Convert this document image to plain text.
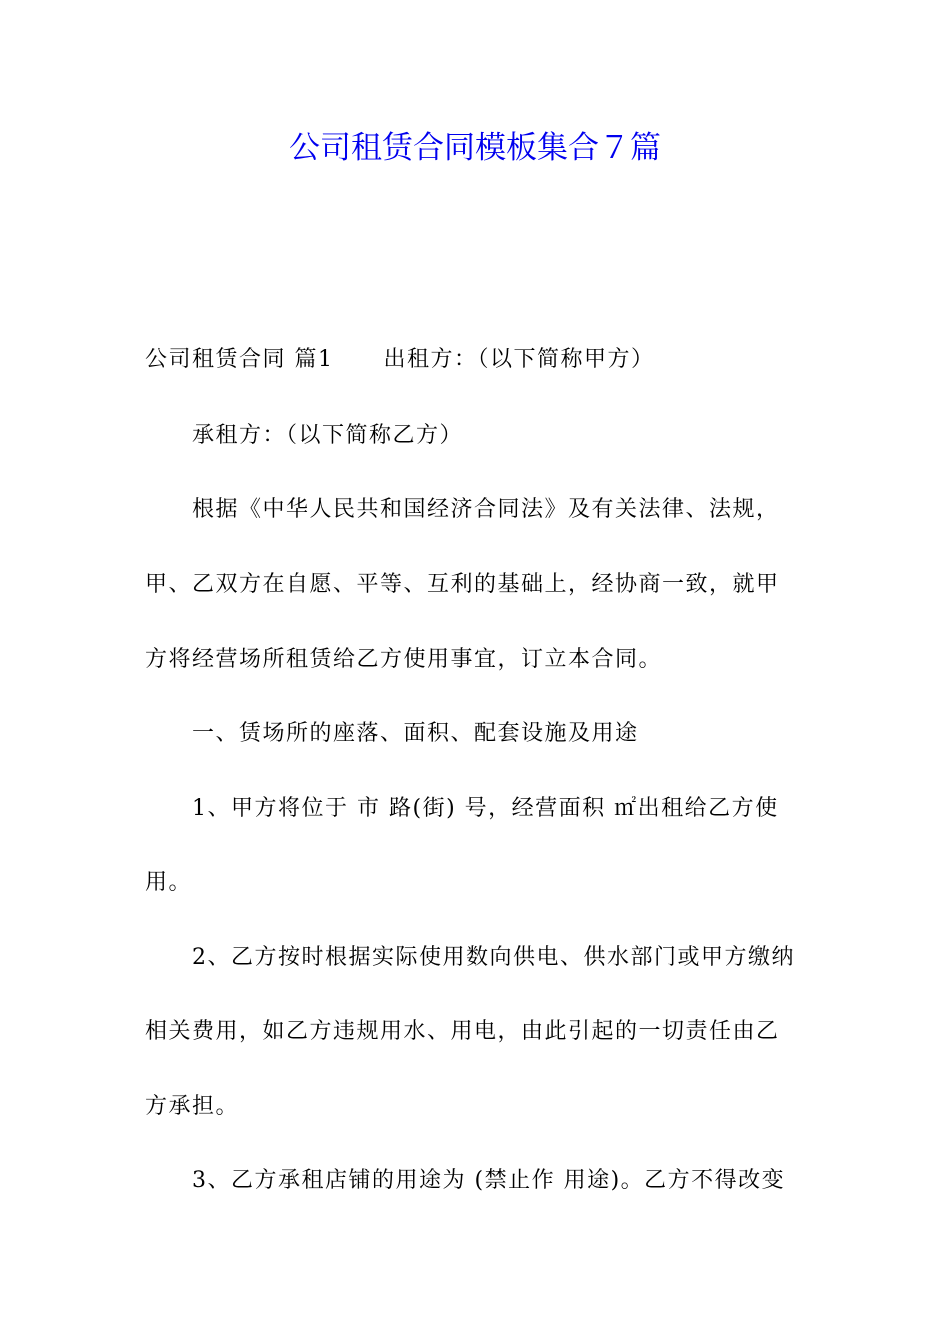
公司租赁合同模板集合７篇
公司租赁合同 篇1 出租方：（以下简称甲方）
承租方：（以下简称乙方）
根据《中华人民共和国经济合同法》及有关法律、法规，
甲、乙双方在自愿、平等、互利的基础上，经协商一致，就甲
方将经营场所租赁给乙方使用事宜，订立本合同。
一、赁场所的座落、面积、配套设施及用途
1、甲方将位于 市 路(街) 号，经营面积 ㎡出租给乙方使
用。
2、乙方按时根据实际使用数向供电、供水部门或甲方缴纳
相关费用，如乙方违规用水、用电，由此引起的一切责任由乙
方承担。
3、乙方承租店铺的用途为 (禁止作 用途)。乙方不得改变
